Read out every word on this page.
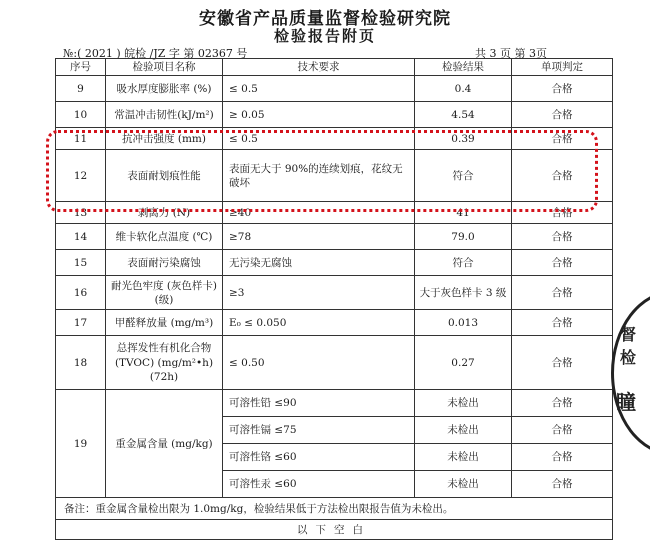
安徽省产品质量监督检验研究院
检验报告附页
№:( 2021 ) 皖检 /JZ 字 第 02367 号	共 3 页 第 3页
序号	检验项目名称	技术要求	检验结果	单项判定
9	吸水厚度膨胀率 (%)	≤ 0.5	0.4	合格
10	常温冲击韧性(kJ/m²)	≥ 0.05	4.54	合格
11	抗冲击强度 (mm)	≤ 0.5	0.39	合格
12	表面耐划痕性能	表面无大于 90%的连续划痕，花纹无破坏	符合	合格
13	剥离力 (N)	≥40	41	合格
14	维卡软化点温度 (℃)	≥78	79.0	合格
15	表面耐污染腐蚀	无污染无腐蚀	符合	合格
16	耐光色牢度 (灰色样卡) (级)	≥3	大于灰色样卡 3 级	合格
17	甲醛释放量 (mg/m³)	E₀ ≤ 0.050	0.013	合格
18	总挥发性有机化合物 (TVOC) (mg/m²•h) (72h)	≤ 0.50	0.27	合格
19	重金属含量 (mg/kg)	可溶性铅 ≤90	未检出	合格
		可溶性镉 ≤75	未检出	合格
		可溶性铬 ≤60	未检出	合格
		可溶性汞 ≤60	未检出	合格
备注：重金属含量检出限为 1.0mg/kg，检验结果低于方法检出限报告值为未检出。				
以下空白				
督检
瞳
